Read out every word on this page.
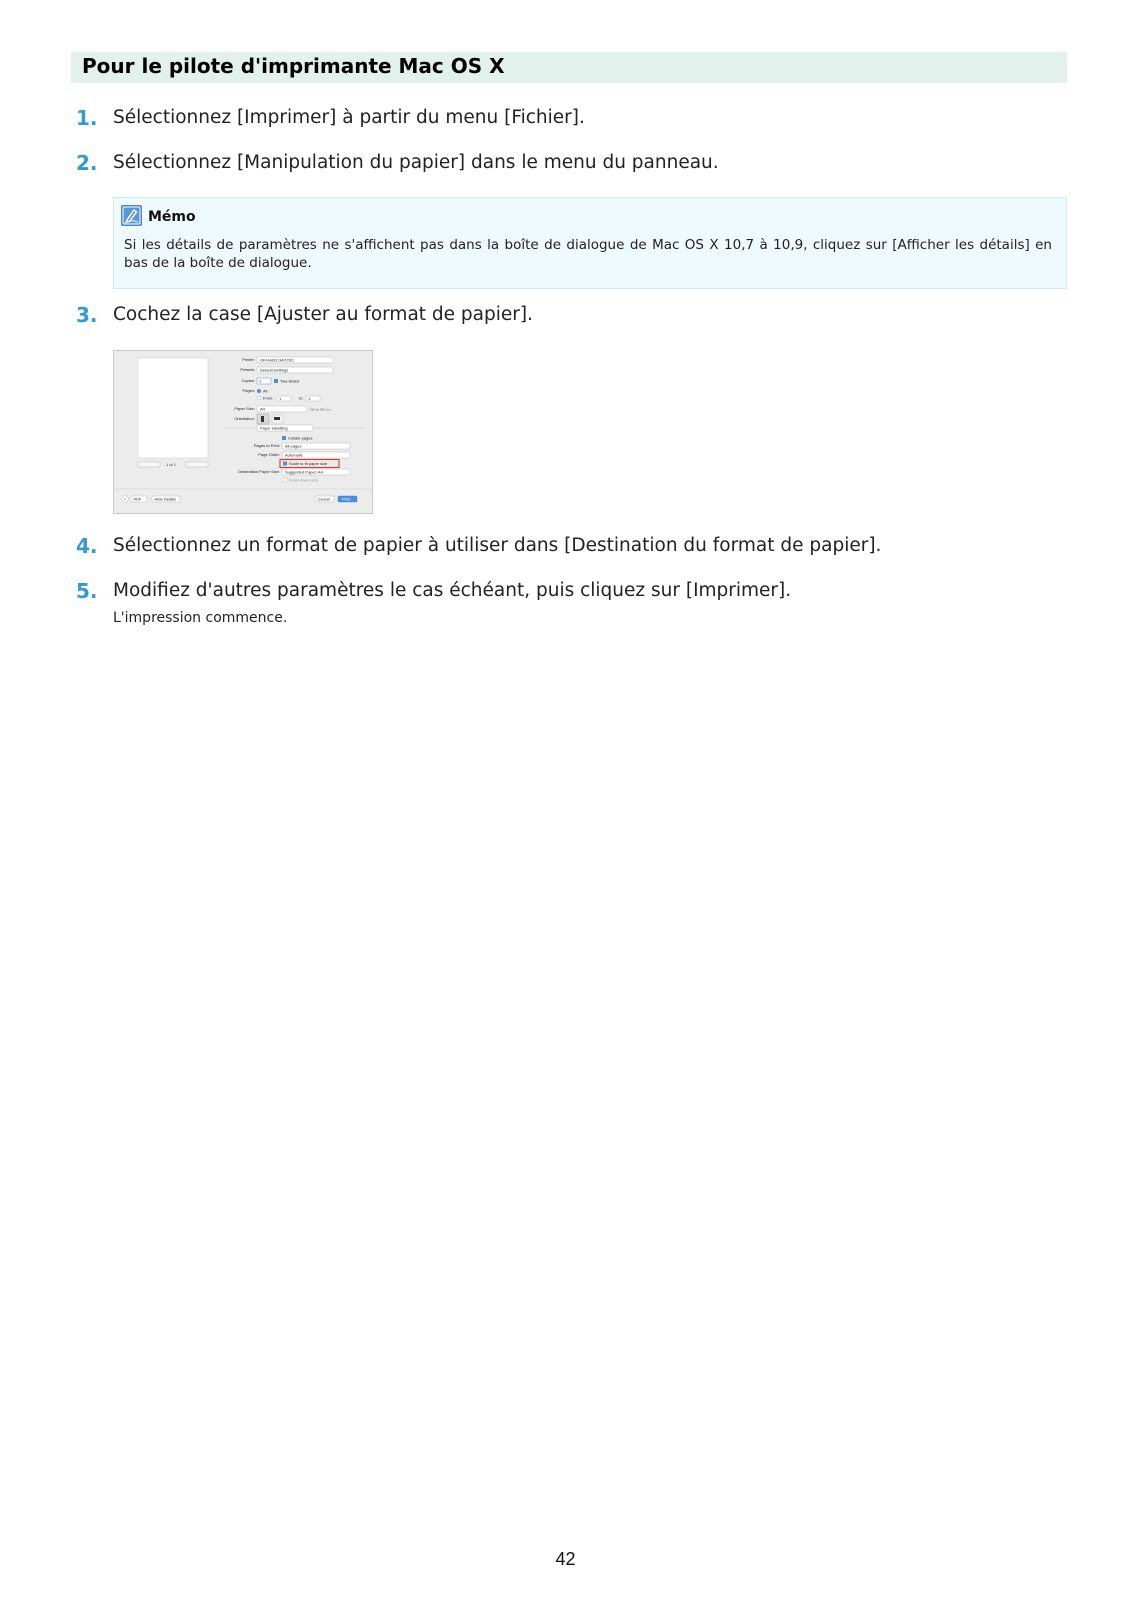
Pour le pilote d'imprimante Mac OS X
1. Sélectionnez [Imprimer] à partir du menu [Fichier].
2. Sélectionnez [Manipulation du papier] dans le menu du panneau.
Mémo
Si les détails de paramètres ne s'affichent pas dans la boîte de dialogue de Mac OS X 10,7 à 10,9, cliquez sur [Afficher les détails] en bas de la boîte de dialogue.
3. Cochez la case [Ajuster au format de papier].
1 of 1
Printer: OKI-B432-3A7C6C
Presets: Default Settings
Copies: 1	Two-Sided
Pages: All
From: 1	to: 1
Paper Size: A4	210 by 297 mm
Orientation:
Paper Handling
Collate pages
Pages to Print: All pages
Page Order: Automatic
Scale to fit paper size
Destination Paper Size: Suggested Paper: A4
Scale down only
? PDF	Hide Details	Cancel	Print
4. Sélectionnez un format de papier à utiliser dans [Destination du format de papier].
5. Modifiez d'autres paramètres le cas échéant, puis cliquez sur [Imprimer].
L'impression commence.
42
